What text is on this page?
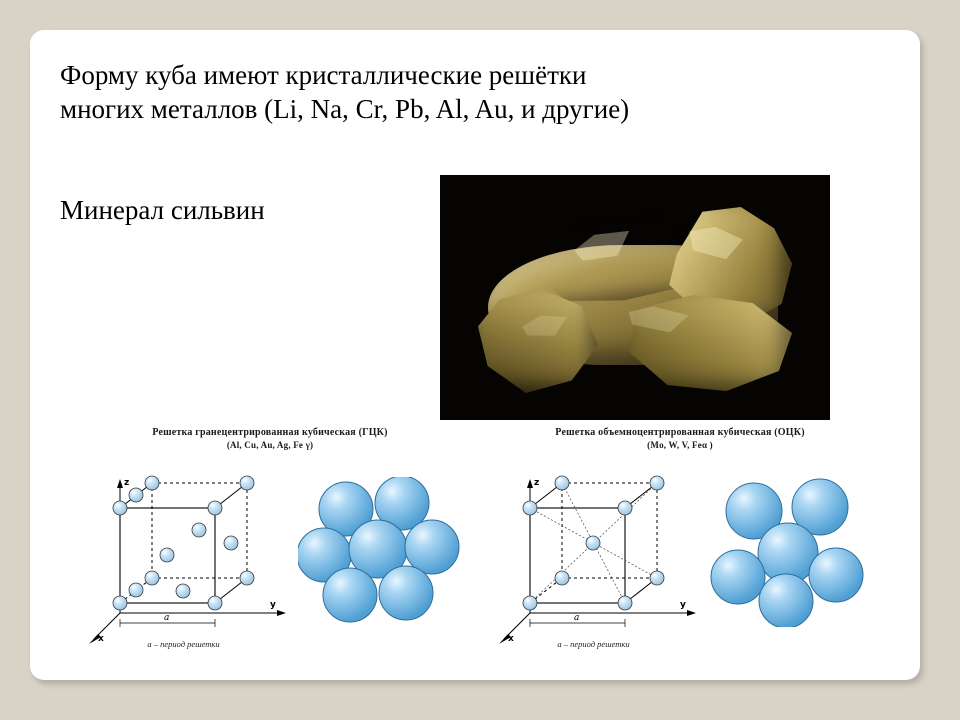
Форму куба имеют кристаллические решётки
многих металлов (Li, Na, Cr, Pb, Al, Au, и другие)
Минерал сильвин
Решетка гранецентрированная кубическая (ГЦК)
(Al, Cu, Au, Ag, Fe γ)
z
y
x
a
a – период решетки
Решетка объемноцентрированная кубическая (ОЦК)
(Mo, W, V, Feα )
z
y
x
a
a – период решетки
